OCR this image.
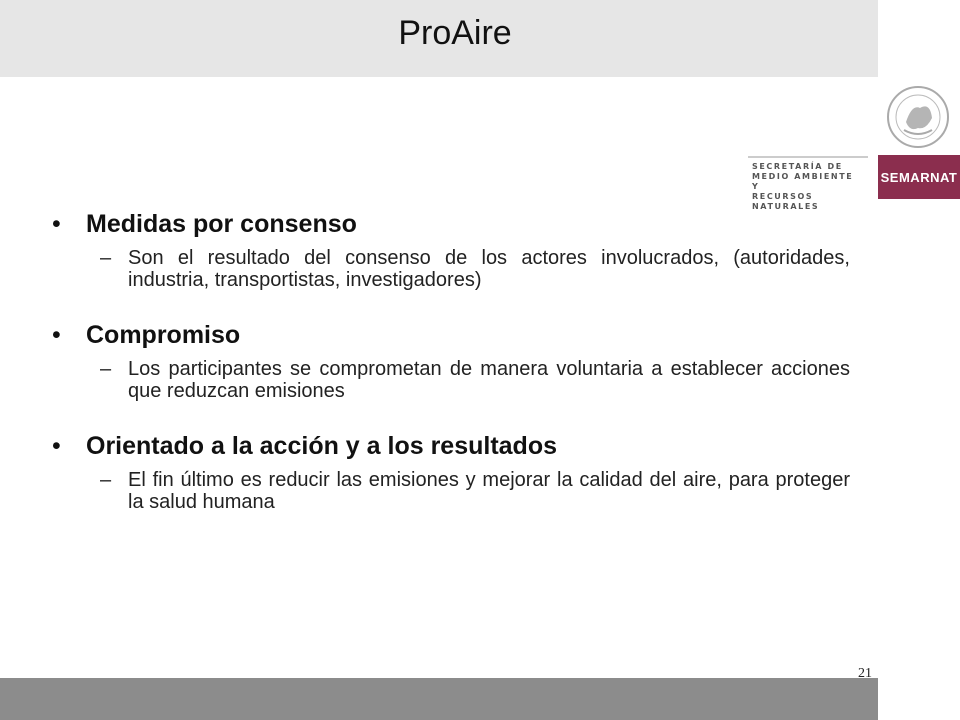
ProAire
SECRETARÍA DE
MEDIO AMBIENTE Y
RECURSOS NATURALES
SEMARNAT
•	Medidas por consenso
– Son el resultado del consenso de los actores involucrados, (autoridades, industria, transportistas, investigadores)
•	Compromiso
– Los participantes se comprometan de manera voluntaria a establecer acciones que reduzcan emisiones
•	Orientado a la acción y a los resultados
– El fin último es reducir las emisiones y mejorar la calidad del aire, para proteger la salud humana
21
